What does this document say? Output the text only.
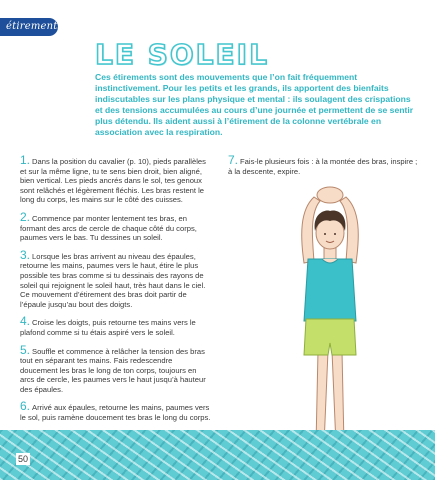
étirements
LE SOLEIL

Ces étirements sont des mouvements que l’on fait fréquemment instinctivement. Pour les petits et les grands, ils apportent des bienfaits indiscutables sur les plans physique et mental : ils soulagent des crispations et des tensions accumulées au cours d’une journée et permettent de se sentir plus détendu. Ils aident aussi à l’étirement de la colonne vertébrale en association avec la respiration.

1. Dans la position du cavalier (p. 10), pieds parallèles et sur la même ligne, tu te sens bien droit, bien aligné, bien vertical. Les pieds ancrés dans le sol, tes genoux sont relâchés et légèrement fléchis. Les bras restent le long du corps, les mains sur le côté des cuisses.

2. Commence par monter lentement tes bras, en formant des arcs de cercle de chaque côté du corps, paumes vers le bas. Tu dessines un soleil.

3. Lorsque les bras arrivent au niveau des épaules, retourne les mains, paumes vers le haut, étire le plus possible tes bras comme si tu dessinais des rayons de soleil qui rejoignent le soleil haut, très haut dans le ciel. Ce mouvement d’étirement des bras doit partir de l’épaule jusqu’au bout des doigts.

4. Croise les doigts, puis retourne tes mains vers le plafond comme si tu étais aspiré vers le soleil.

5. Souffle et commence à relâcher la tension des bras tout en séparant tes mains. Fais redescendre doucement les bras le long de ton corps, toujours en arcs de cercle, les paumes vers le haut jusqu’à hauteur des épaules.

6. Arrivé aux épaules, retourne les mains, paumes vers le sol, puis ramène doucement tes bras le long du corps.

7. Fais-le plusieurs fois : à la montée des bras, inspire ; à la descente, expire.

50
